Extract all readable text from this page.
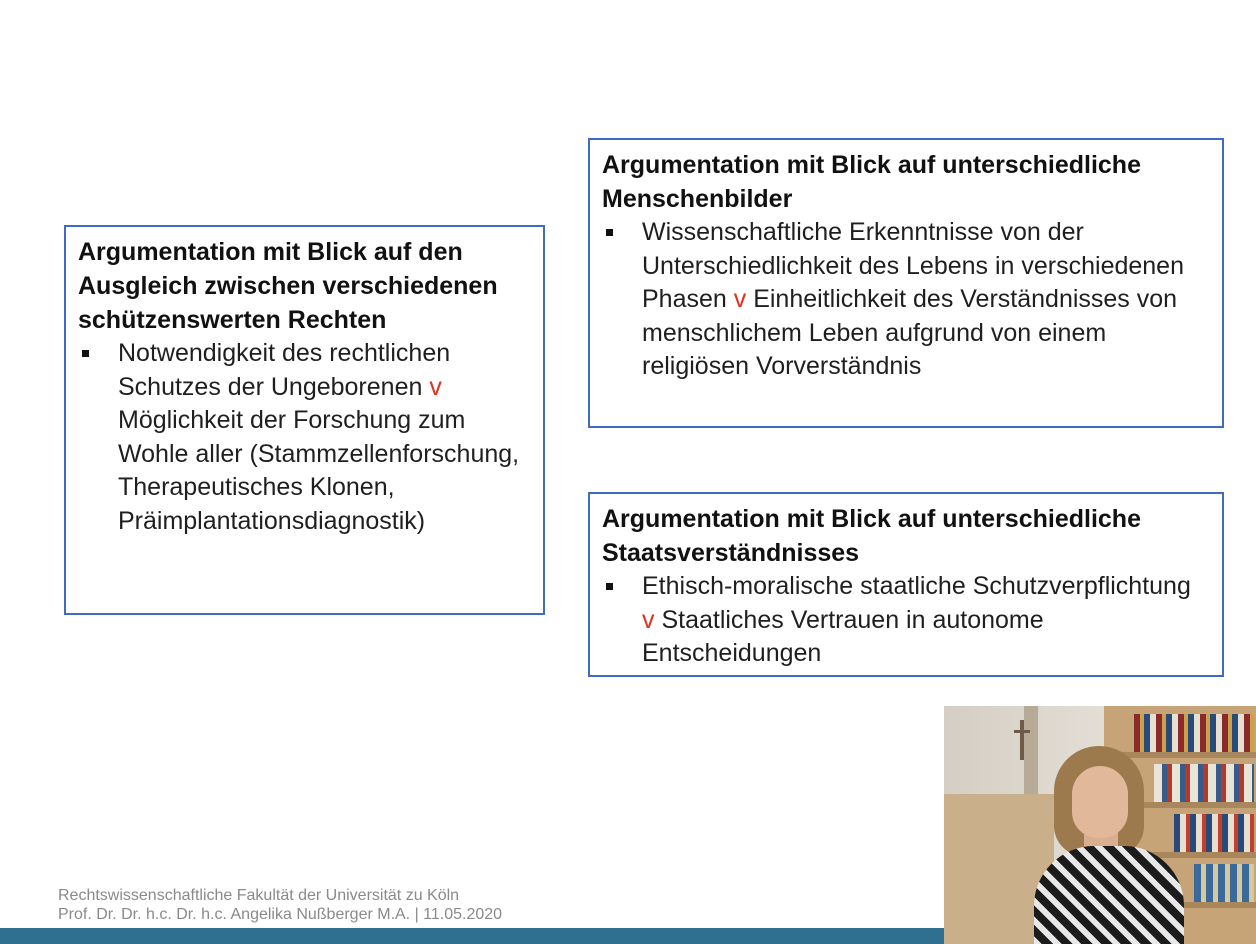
Argumentation mit Blick auf den Ausgleich zwischen verschiedenen schützenswerten Rechten
Notwendigkeit des rechtlichen Schutzes der Ungeborenen v Möglichkeit der Forschung zum Wohle aller (Stammzellenforschung, Therapeutisches Klonen, Präimplantationsdiagnostik)
Argumentation mit Blick auf unterschiedliche Menschenbilder
Wissenschaftliche Erkenntnisse von der Unterschiedlichkeit des Lebens in verschiedenen Phasen v Einheitlichkeit des Verständnisses von menschlichem Leben aufgrund von einem religiösen Vorverständnis
Argumentation mit Blick auf unterschiedliche Staatsverständnisses
Ethisch-moralische staatliche Schutzverpflichtung v Staatliches Vertrauen in autonome Entscheidungen
Rechtswissenschaftliche Fakultät der Universität zu Köln
Prof. Dr. Dr. h.c. Dr. h.c. Angelika Nußberger M.A. | 11.05.2020
